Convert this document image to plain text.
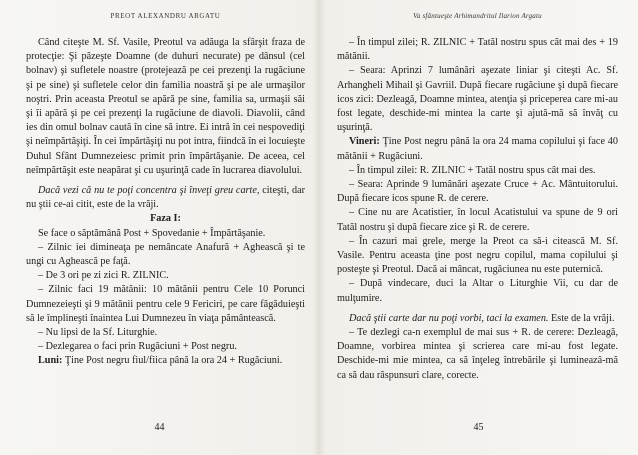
PREOT ALEXANDRU ARGATU

Când citeşte M. Sf. Vasile, Preotul va adăuga la sfârşit fraza de protecţie: Şi păzeşte Doamne (de duhuri necurate) pe dânsul (cel bolnav) şi sufletele noastre (protejează pe cei prezenţi la rugăciune şi pe sine) şi sufletele celor din familia noastră şi pe ale urmaşilor noştri. Prin aceasta Preotul se apără pe sine, familia sa, urmaşii săi şi îi apără şi pe cei prezenţi la rugăciune de diavoli. Diavolii, când ies din omul bolnav caută în cine să intre. Ei intră în cei nespovediţi şi neîmpărtăşiţi. În cei împărtăşiţi nu pot intra, fiindcă în ei locuieşte Duhul Sfânt Dumnezeiesc primit prin împărtăşanie. De aceea, cel neîmpărtăşit este neapărat şi cu uşurinţă cade în lucrarea diavolului.

Dacă vezi că nu te poţi concentra şi înveţi greu carte, citeşti, dar nu ştii ce-ai citit, este de la vrăji.

Faza I:

Se face o săptămână Post + Spovedanie + Împărtăşanie.

– Zilnic iei dimineaţa pe nemâncate Anafură + Aghească şi te ungi cu Aghească pe faţă.

– De 3 ori pe zi zici R. ZILNIC.

– Zilnic faci 19 mătănii: 10 mătănii pentru Cele 10 Porunci Dumnezeieşti şi 9 mătănii pentru cele 9 Fericiri, pe care făgăduieşti să le împlineşti înaintea Lui Dumnezeu în viaţa pământească.

– Nu lipsi de la Sf. Liturghie.

– Dezlegarea o faci prin Rugăciuni + Post negru.

Luni: Ţine Post negru fiul/fiica până la ora 24 + Rugăciuni.

44
Va sfântueşte Arhimandritul Ilarion Argatu

– În timpul zilei; R. ZILNIC + Tatăl nostru spus cât mai des + 19 mătănii.

– Seara: Aprinzi 7 lumânări aşezate liniar şi citeşti Ac. Sf. Arhangheli Mihail şi Gavriil. După fiecare rugăciune şi după fiecare icos zici: Dezleagă, Doamne mintea, atenţia şi priceperea care mi-au fost legate, deschide-mi mintea la carte şi ajută-mă să învăţ cu uşurinţă.

Vineri: Ţine Post negru până la ora 24 mama copilului şi face 40 mătănii + Rugăciuni.

– În timpul zilei: R. ZILNIC + Tatăl nostru spus cât mai des.

– Seara: Aprinde 9 lumânări aşezate Cruce + Ac. Mântuitorului. După fiecare icos spune R. de cerere.

– Cine nu are Acatistier, în locul Acatistului va spune de 9 ori Tatăl nostru şi după fiecare zice şi R. de cerere.

– În cazuri mai grele, merge la Preot ca să-i citească M. Sf. Vasile. Pentru aceasta ţine post negru copilul, mama copilului şi posteşte şi Preotul. Dacă ai mâncat, rugăciunea nu este puternică.

– După vindecare, duci la Altar o Liturghie Vii, cu dar de mulţumire.

Dacă ştii carte dar nu poţi vorbi, taci la examen. Este de la vrăji.

– Te dezlegi ca-n exemplul de mai sus + R. de cerere: Dezleagă, Doamne, vorbirea mintea şi scrierea care mi-au fost legate. Deschide-mi mie mintea, ca să înţeleg întrebările şi lumineazâ-mă ca să dau răspunsuri clare, corecte.

45
